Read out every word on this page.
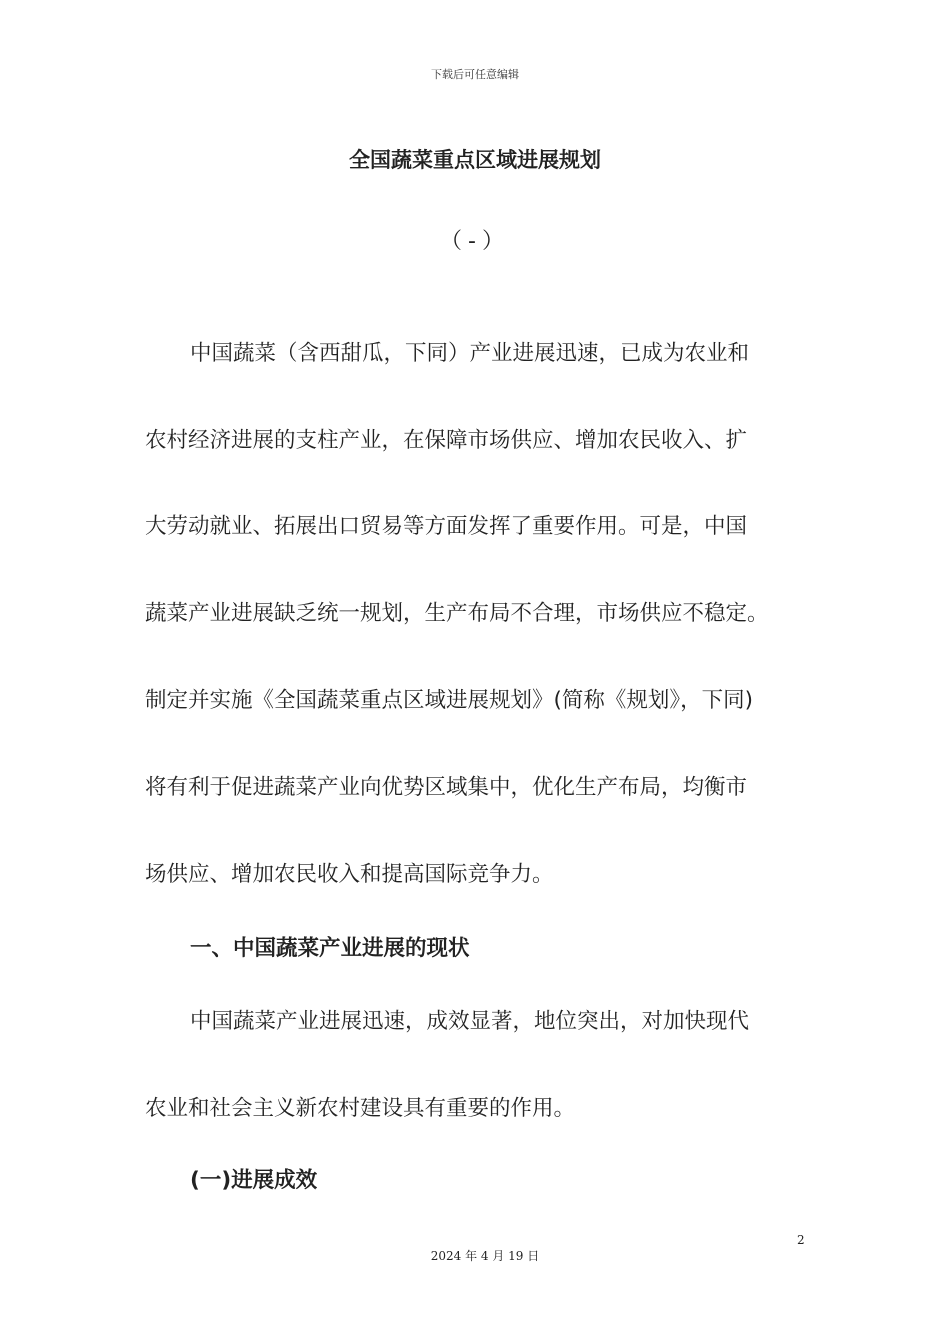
下载后可任意编辑
全国蔬菜重点区域进展规划
（-）
中国蔬菜（含西甜瓜，下同）产业进展迅速，已成为农业和
农村经济进展的支柱产业，在保障市场供应、增加农民收入、扩
大劳动就业、拓展出口贸易等方面发挥了重要作用。可是，中国
蔬菜产业进展缺乏统一规划，生产布局不合理，市场供应不稳定。
制定并实施《全国蔬菜重点区域进展规划》(简称《规划》，下同)
将有利于促进蔬菜产业向优势区域集中，优化生产布局，均衡市
场供应、增加农民收入和提高国际竞争力。
一、中国蔬菜产业进展的现状
中国蔬菜产业进展迅速，成效显著，地位突出，对加快现代
农业和社会主义新农村建设具有重要的作用。
(一)进展成效
2
2024 年 4 月 19 日
